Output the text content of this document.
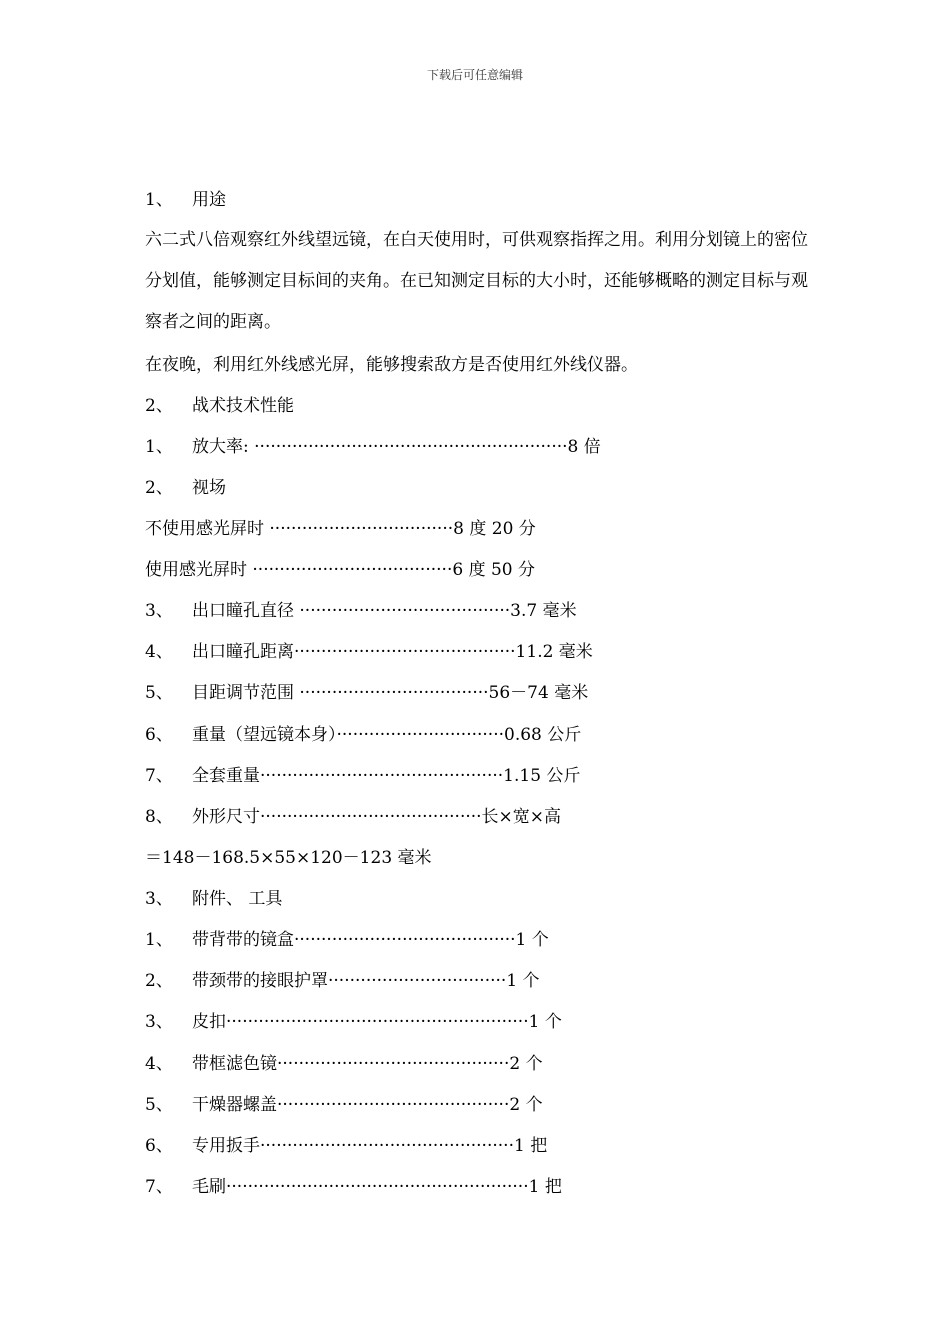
下载后可任意编辑
1、 用途
六二式八倍观察红外线望远镜，在白天使用时，可供观察指挥之用。利用分划镜上的密位分划值，能够测定目标间的夹角。在已知测定目标的大小时，还能够概略的测定目标与观察者之间的距离。
在夜晚，利用红外线感光屏，能够搜索敌方是否使用红外线仪器。
2、 战术技术性能
1、 放大率: ··························································8 倍
2、 视场
不使用感光屏时 ··································8 度 20 分
使用感光屏时 ·····································6 度 50 分
3、 出口瞳孔直径 ·······································3.7 毫米
4、 出口瞳孔距离·········································11.2 毫米
5、 目距调节范围 ···································56－74 毫米
6、 重量（望远镜本身）·······························0.68 公斤
7、 全套重量·············································1.15 公斤
8、 外形尺寸·········································长×宽×高
＝148－168.5×55×120－123 毫米
3、 附件、 工具
1、 带背带的镜盒·········································1 个
2、 带颈带的接眼护罩·································1 个
3、 皮扣························································1 个
4、 带框滤色镜···········································2 个
5、 干燥器螺盖···········································2 个
6、 专用扳手···············································1 把
7、 毛刷························································1 把
